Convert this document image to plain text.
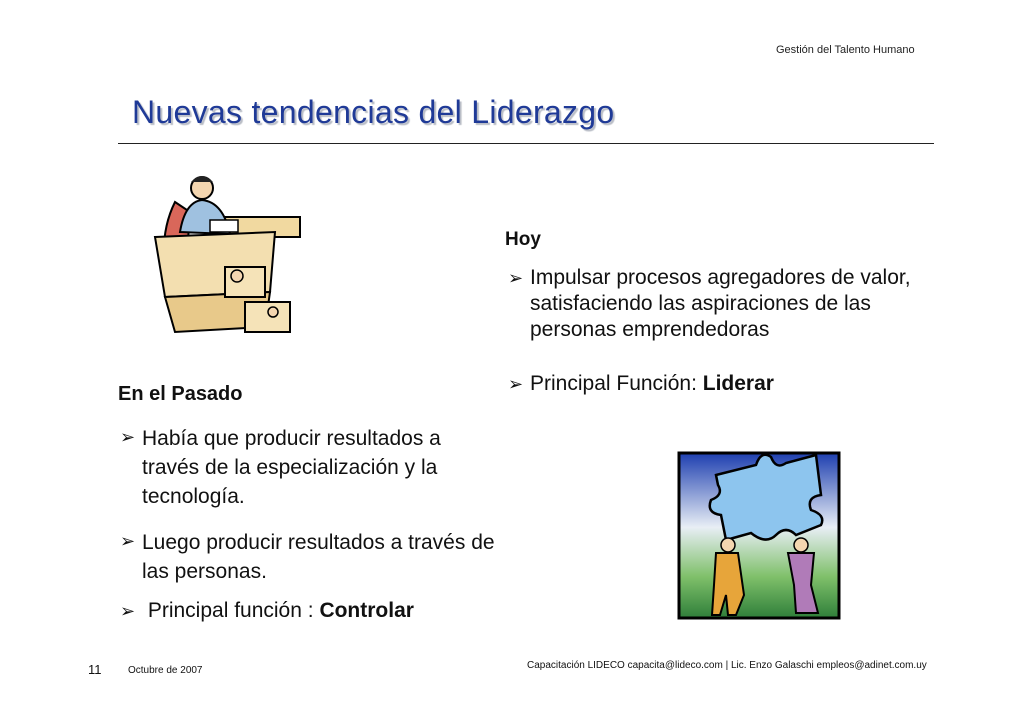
Gestión del Talento Humano
Nuevas tendencias del Liderazgo
Hoy
➢ Impulsar procesos agregadores de valor, satisfaciendo las aspiraciones de las personas emprendedoras
➢ Principal Función: Liderar
En el Pasado
➢ Había que producir resultados a través de la especialización y la tecnología.
➢ Luego producir resultados a través de las personas.
➢ Principal función : Controlar
11	Octubre de 2007	Capacitación LIDECO capacita@lideco.com | Lic. Enzo Galaschi empleos@adinet.com.uy
